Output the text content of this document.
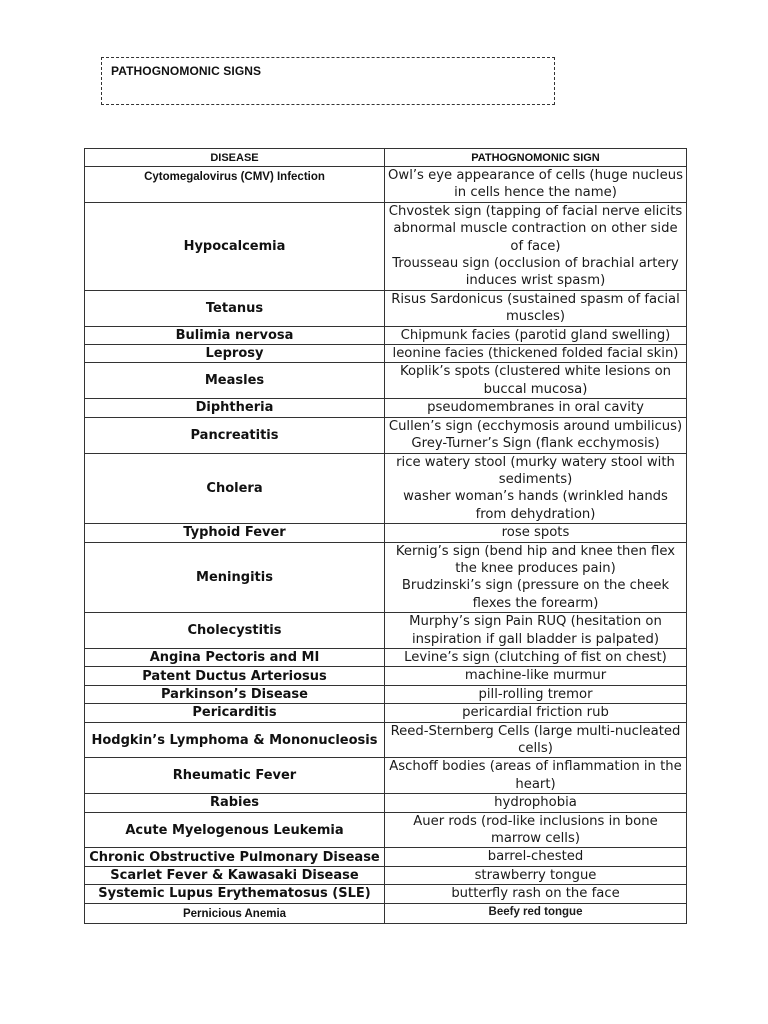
PATHOGNOMONIC SIGNS
DISEASE	PATHOGNOMONIC SIGN
Cytomegalovirus (CMV) Infection	Owl’s eye appearance of cells (huge nucleus in cells hence the name)

Hypocalcemia	Chvostek sign (tapping of facial nerve elicits abnormal muscle contraction on other side of face)
Trousseau sign (occlusion of brachial artery induces wrist spasm)

Tetanus	Risus Sardonicus (sustained spasm of facial muscles)

Bulimia nervosa	Chipmunk facies (parotid gland swelling)

Leprosy	leonine facies (thickened folded facial skin)

Measles	Koplik’s spots (clustered white lesions on buccal mucosa)

Diphtheria	pseudomembranes in oral cavity

Pancreatitis	Cullen’s sign (ecchymosis around umbilicus)
Grey-Turner’s Sign (flank ecchymosis)

Cholera	rice watery stool (murky watery stool with sediments)
washer woman’s hands (wrinkled hands from dehydration)

Typhoid Fever	rose spots

Meningitis	Kernig’s sign (bend hip and knee then flex the knee produces pain)
Brudzinski’s sign (pressure on the cheek flexes the forearm)

Cholecystitis	Murphy’s sign Pain RUQ (hesitation on inspiration if gall bladder is palpated)

Angina Pectoris and MI	Levine’s sign (clutching of fist on chest)

Patent Ductus Arteriosus	machine-like murmur

Parkinson’s Disease	pill-rolling tremor

Pericarditis	pericardial friction rub

Hodgkin’s Lymphoma & Mononucleosis	Reed-Sternberg Cells (large multi-nucleated cells)

Rheumatic Fever	Aschoff bodies (areas of inflammation in the heart)

Rabies	hydrophobia

Acute Myelogenous Leukemia	Auer rods (rod-like inclusions in bone marrow cells)

Chronic Obstructive Pulmonary Disease	barrel-chested

Scarlet Fever & Kawasaki Disease	strawberry tongue

Systemic Lupus Erythematosus (SLE)	butterfly rash on the face

Pernicious Anemia	Beefy red tongue
